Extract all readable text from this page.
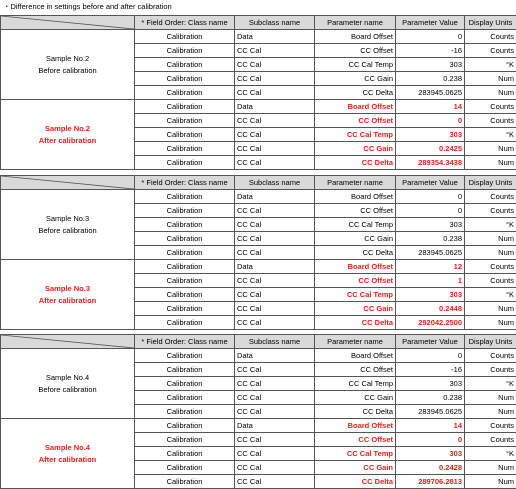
・Difference in settings before and after calibration
	* Field Order: Class name	Subclass name	Parameter name	Parameter Value	Display Units

Sample No.2
Before calibration	Calibration	Data	Board Offset	0	Counts
	Calibration	CC Cal	CC Offset	-16	Counts
	Calibration	CC Cal	CC Cal Temp	303	°K
	Calibration	CC Cal	CC Gain	0.238	Num
	Calibration	CC Cal	CC Delta	283945.0625	Num

Sample No.2
After calibration	Calibration	Data	Board Offset	14	Counts
	Calibration	CC Cal	CC Offset	0	Counts
	Calibration	CC Cal	CC Cal Temp	303	°K
	Calibration	CC Cal	CC Gain	0.2425	Num
	Calibration	CC Cal	CC Delta	289354.3438	Num
	* Field Order: Class name	Subclass name	Parameter name	Parameter Value	Display Units

Sample No.3
Before calibration	Calibration	Data	Board Offset	0	Counts
	Calibration	CC Cal	CC Offset	0	Counts
	Calibration	CC Cal	CC Cal Temp	303	°K
	Calibration	CC Cal	CC Gain	0.238	Num
	Calibration	CC Cal	CC Delta	283945.0625	Num

Sample No.3
After calibration	Calibration	Data	Board Offset	12	Counts
	Calibration	CC Cal	CC Offset	1	Counts
	Calibration	CC Cal	CC Cal Temp	303	°K
	Calibration	CC Cal	CC Gain	0.2448	Num
	Calibration	CC Cal	CC Delta	292042.2500	Num
	* Field Order: Class name	Subclass name	Parameter name	Parameter Value	Display Units

Sample No.4
Before calibration	Calibration	Data	Board Offset	0	Counts
	Calibration	CC Cal	CC Offset	-16	Counts
	Calibration	CC Cal	CC Cal Temp	303	°K
	Calibration	CC Cal	CC Gain	0.238	Num
	Calibration	CC Cal	CC Delta	283945.0625	Num

Sample No.4
After calibration	Calibration	Data	Board Offset	14	Counts
	Calibration	CC Cal	CC Offset	0	Counts
	Calibration	CC Cal	CC Cal Temp	303	°K
	Calibration	CC Cal	CC Gain	0.2428	Num
	Calibration	CC Cal	CC Delta	289706.2813	Num
